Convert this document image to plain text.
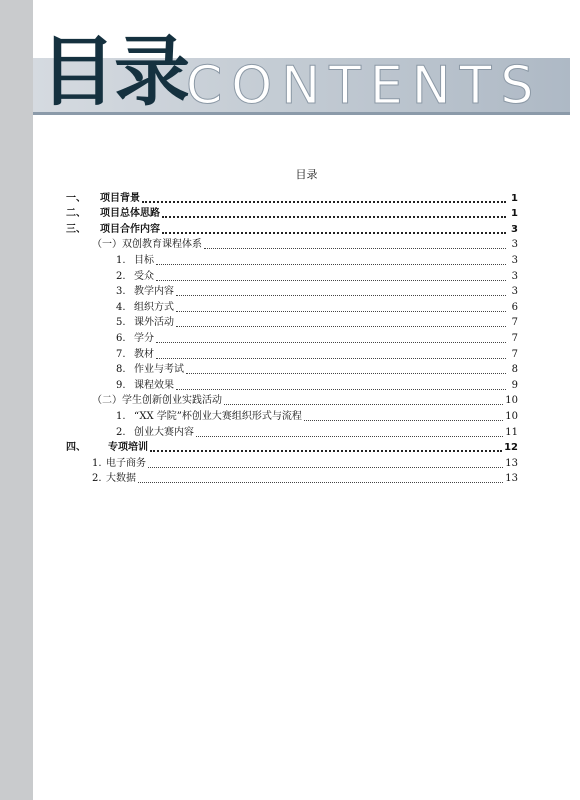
目录
CONTENTS
目录
一、	项目背景	1
二、	项目总体思路	1
三、	项目合作内容	3
（一）双创教育课程体系	3
1. 目标	3
2. 受众	3
3. 教学内容	3
4. 组织方式	6
5. 课外活动	7
6. 学分	7
7. 教材	7
8. 作业与考试	8
9. 课程效果	9
（二）学生创新创业实践活动	10
1. “XX 学院”杯创业大赛组织形式与流程	10
2. 创业大赛内容	11
四、	专项培训	12
1. 电子商务	13
2. 大数据	13
